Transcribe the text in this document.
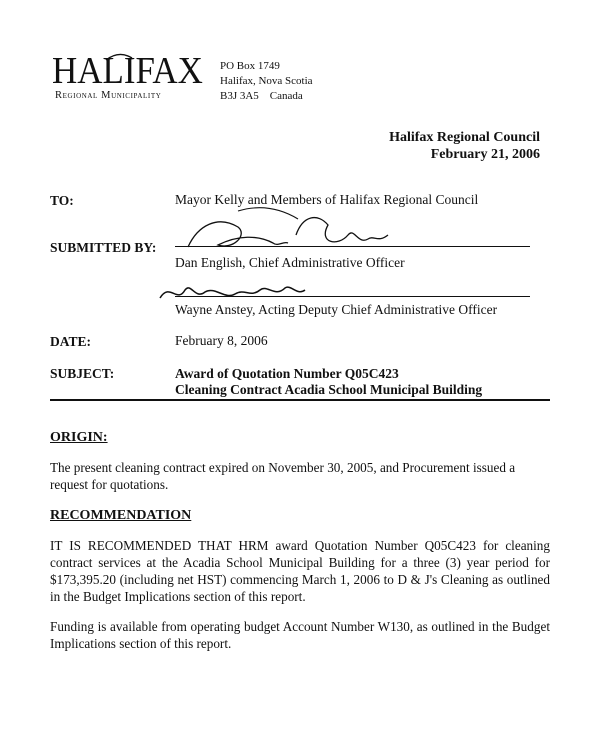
HALIFAX
Regional Municipality
PO Box 1749
Halifax, Nova Scotia
B3J 3A5    Canada
Halifax Regional Council
February 21, 2006
TO:	Mayor Kelly and Members of Halifax Regional Council
SUBMITTED BY:
Dan English, Chief Administrative Officer
Wayne Anstey, Acting Deputy Chief Administrative Officer
DATE:	February 8, 2006
SUBJECT:	Award of Quotation Number Q05C423
Cleaning Contract Acadia School Municipal Building
ORIGIN:
The present cleaning contract expired on November 30, 2005, and Procurement issued a request for quotations.
RECOMMENDATION
IT IS RECOMMENDED THAT HRM award Quotation Number Q05C423 for cleaning contract services at the Acadia School Municipal Building for a three (3) year period for $173,395.20 (including net HST) commencing March 1, 2006 to D & J's Cleaning as outlined in the Budget Implications section of this report.
Funding is available from operating budget Account Number W130, as outlined in the Budget Implications section of this report.
